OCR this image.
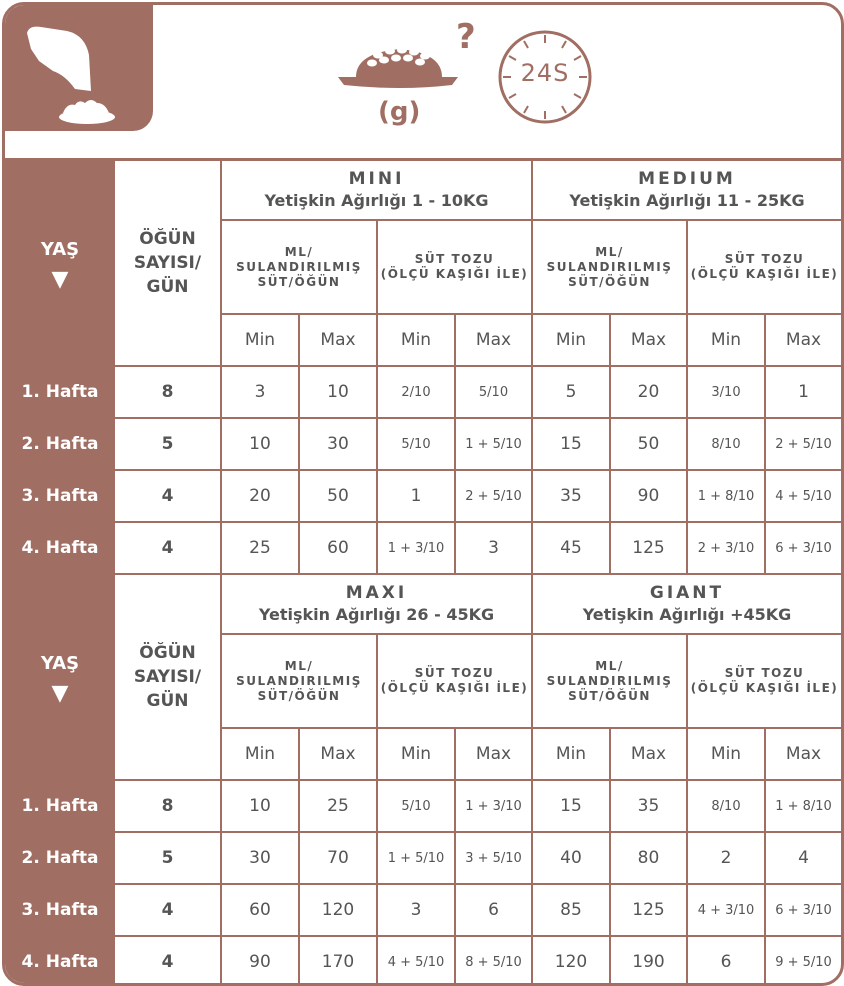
?
(g)
24S
YAŞ
▼
ÖĞÜN
SAYISI/
GÜN
MINI
Yetişkin Ağırlığı 1 - 10KG
MEDIUM
Yetişkin Ağırlığı 11 - 25KG
ML/
SULANDIRILMIŞ
SÜT/ÖĞÜN
SÜT TOZU
(ÖLÇÜ KAŞIĞI İLE)
ML/
SULANDIRILMIŞ
SÜT/ÖĞÜN
SÜT TOZU
(ÖLÇÜ KAŞIĞI İLE)
Min	Max	Min	Max	Min	Max	Min	Max
1. Hafta	8	3	10	2/10	5/10	5	20	3/10	1
2. Hafta	5	10	30	5/10	1 + 5/10	15	50	8/10	2 + 5/10
3. Hafta	4	20	50	1	2 + 5/10	35	90	1 + 8/10	4 + 5/10
4. Hafta	4	25	60	1 + 3/10	3	45	125	2 + 3/10	6 + 3/10
YAŞ
▼
ÖĞÜN
SAYISI/
GÜN
MAXI
Yetişkin Ağırlığı 26 - 45KG
GIANT
Yetişkin Ağırlığı +45KG
ML/
SULANDIRILMIŞ
SÜT/ÖĞÜN
SÜT TOZU
(ÖLÇÜ KAŞIĞI İLE)
ML/
SULANDIRILMIŞ
SÜT/ÖĞÜN
SÜT TOZU
(ÖLÇÜ KAŞIĞI İLE)
Min	Max	Min	Max	Min	Max	Min	Max
1. Hafta	8	10	25	5/10	1 + 3/10	15	35	8/10	1 + 8/10
2. Hafta	5	30	70	1 + 5/10	3 + 5/10	40	80	2	4
3. Hafta	4	60	120	3	6	85	125	4 + 3/10	6 + 3/10
4. Hafta	4	90	170	4 + 5/10	8 + 5/10	120	190	6	9 + 5/10
